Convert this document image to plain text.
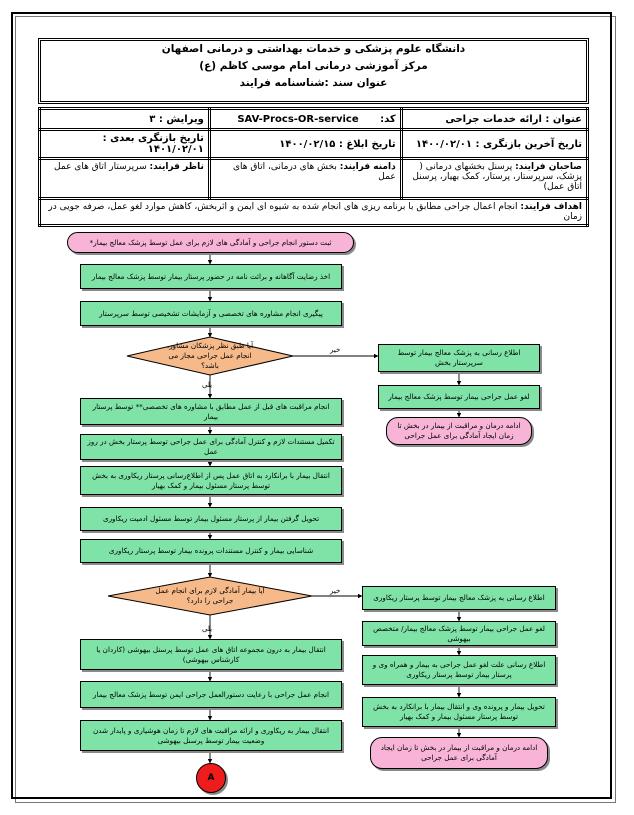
دانشگاه علوم پزشکی و خدمات بهداشتی و درمانی اصفهان
مرکز آموزشی درمانی امام موسی کاظم (ع)
عنوان سند :شناسنامه فرایند
عنوان : ارائه خدمات جراحی	کد: SAV-Procs-OR-service	ویرایش : ۳
تاریخ آخرین بازنگری : ۱۴۰۰/۰۲/۰۱	تاریخ ابلاغ : ۱۴۰۰/۰۲/۱۵	تاریخ بازنگری بعدی : ۱۴۰۱/۰۲/۰۱
صاحبان فرایند: پرسنل بخشهای درمانی ( پزشک، سرپرستار، پرستار، کمک بهیار، پرسنل اتاق عمل)	دامنه فرایند: بخش های درمانی، اتاق های عمل	ناظر فرایند: سرپرستار اتاق های عمل
اهداف فرایند: انجام اعمال جراحی مطابق با برنامه ریزی های انجام شده به شیوه ای ایمن و اثربخش، کاهش موارد لغو عمل، صرفه جویی در زمان		
ثبت دستور انجام جراحی و آمادگی های لازم برای عمل توسط پزشک معالج بیمار*
اخذ رضایت آگاهانه و برائت نامه در حضور پرستار بیمار توسط پزشک معالج بیمار
پیگیری انجام مشاوره های تخصصی و آزمایشات تشخیصی توسط سرپرستار
آیا طبق نظر پزشکان مشاور، انجام عمل جراحی مجاز می باشد؟
خیر
بلی
اطلاع رسانی به پزشک معالج بیمار توسط سرپرستار بخش
لغو عمل جراحی بیمار توسط پزشک معالج بیمار
ادامه درمان و مراقبت از بیمار در بخش تا زمان ایجاد آمادگی برای عمل جراحی
انجام مراقبت های قبل از عمل مطابق با مشاوره های تخصصی** توسط پرستار بیمار
تکمیل مستندات لازم و کنترل آمادگی برای عمل جراحی توسط پرستار بخش در روز عمل
انتقال بیمار با برانکارد به اتاق عمل پس از اطلاع‌رسانی پرستار ریکاوری به بخش توسط پرستار مسئول بیمار و کمک بهیار
تحویل گرفتن بیمار از پرستار مسئول بیمار توسط مسئول ادمیت ریکاوری
شناسایی بیمار و کنترل مستندات پرونده بیمار توسط پرستار ریکاوری
آیا بیمار آمادگی لازم برای انجام عمل جراحی را دارد؟
خیر
بلی
اطلاع رسانی به پزشک معالج بیمار توسط پرستار ریکاوری
لغو عمل جراحی بیمار توسط پزشک معالج بیمار/ متخصص بیهوشی
اطلاع رسانی علت لغو عمل جراحی به بیمار و همراه وی و پرستار بیمار توسط پرستار ریکاوری
تحویل بیمار و پرونده وی و انتقال بیمار با برانکارد به بخش توسط پرستار مسئول بیمار و کمک بهیار
ادامه درمان و مراقبت از بیمار در بخش تا زمان ایجاد آمادگی برای عمل جراحی
انتقال بیمار به درون مجموعه اتاق های عمل توسط پرسنل بیهوشی (کاردان یا کارشناس بیهوشی)
انجام عمل جراحی با رعایت دستورالعمل جراحی ایمن توسط پزشک معالج بیمار
انتقال بیمار به ریکاوری و ارائه مراقبت های لازم تا زمان هوشیاری و پایدار شدن وضعیت بیمار توسط پرسنل بیهوشی
A
